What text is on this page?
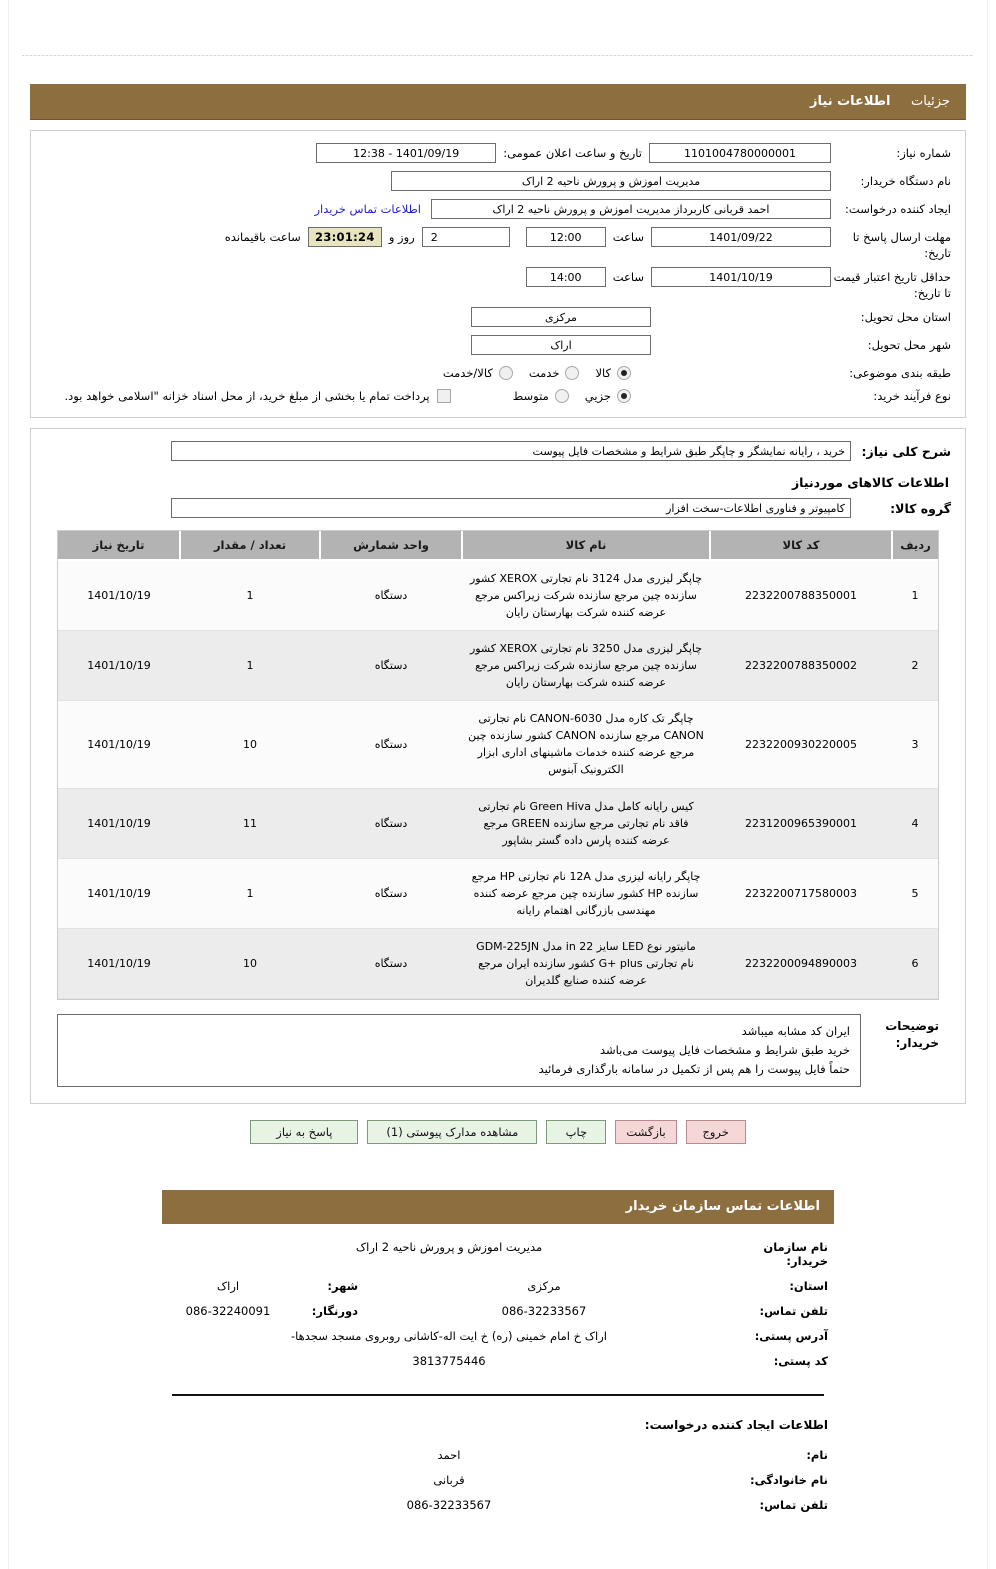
جزئیات اطلاعات نیاز
شماره نیاز:
1101004780000001
تاریخ و ساعت اعلان عمومی:
1401/09/19 - 12:38
نام دستگاه خریدار:
مدیریت اموزش و پرورش ناحیه 2 اراک
ایجاد کننده درخواست:
احمد قربانی کاربرداز مدیریت اموزش و پرورش ناحیه 2 اراک
اطلاعات تماس خریدار
مهلت ارسال پاسخ تا تاریخ:
1401/09/22
ساعت
12:00
2
روز و
23:01:24
ساعت باقیمانده
حداقل تاریخ اعتبار قیمت تا تاریخ:
1401/10/19
ساعت
14:00
استان محل تحویل:
مرکزی
شهر محل تحویل:
اراک
طبقه بندی موضوعی:
کالا
خدمت
کالا/خدمت
نوع فرآیند خرید:
جزيي
متوسط
پرداخت تمام یا بخشی از مبلغ خرید، از محل اسناد خزانه "اسلامی خواهد بود.
شرح کلی نیاز:
خرید ، رایانه نمایشگر و چاپگر طبق شرایط و مشخصات فایل پیوست
اطلاعات کالاهای موردنیاز
گروه کالا:
کامپیوتر و فناوری اطلاعات-سخت افزار
ردیف	کد کالا	نام کالا	واحد شمارش	تعداد / مقدار	تاریخ نیاز
1	2232200788350001	چاپگر لیزری مدل 3124 نام تجارتی XEROX کشور سازنده چین مرجع سازنده شرکت زیراکس مرجع عرضه کننده شرکت بهارستان رایان	دستگاه	1	1401/10/19
2	2232200788350002	چاپگر لیزری مدل 3250 نام تجارتی XEROX کشور سازنده چین مرجع سازنده شرکت زیراکس مرجع عرضه کننده شرکت بهارستان رایان	دستگاه	1	1401/10/19
3	2232200930220005	چاپگر تک کاره مدل CANON-6030 نام تجارتی CANON مرجع سازنده CANON کشور سازنده چین مرجع عرضه کننده خدمات ماشینهای اداری ابزار الکترونیک آبنوس	دستگاه	10	1401/10/19
4	2231200965390001	کیس رایانه کامل مدل Green Hiva نام تجارتی فاقد نام تجارتی مرجع سازنده GREEN مرجع عرضه کننده پارس داده گستر بشاپور	دستگاه	11	1401/10/19
5	2232200717580003	چاپگر رایانه لیزری مدل 12A نام تجارتی HP مرجع سازنده HP کشور سازنده چین مرجع عرضه کننده مهندسی بازرگانی اهتمام رایانه	دستگاه	1	1401/10/19
6	2232200094890003	مانیتور نوع LED سایز 22 in مدل GDM-225JN نام تجارتی G+ plus کشور سازنده ایران مرجع عرضه کننده صنایع گلدیران	دستگاه	10	1401/10/19
توضیحات خریدار:
ایران کد مشابه میباشد
خرید طبق شرایط و مشخصات فایل پیوست می‌باشد
حتماً فایل پیوست را هم پس از تکمیل در سامانه بارگذاری فرمائید
خروج
بازگشت
چاپ
مشاهده مدارک پیوستی (1)
پاسخ به نیاز
اطلاعات تماس سازمان خریدار
نام سازمان خریدار:
مدیریت اموزش و پرورش ناحیه 2 اراک
استان:
مرکزی
شهر:
اراک
تلفن تماس:
086-32233567
دورنگار:
086-32240091
آدرس پستی:
اراک خ امام خمینی (ره) خ ایت اله-کاشانی روبروی مسجد سجدها-
کد پستی:
3813775446
اطلاعات ایجاد کننده درخواست:
نام:
احمد
نام خانوادگی:
قربانی
تلفن تماس:
086-32233567
